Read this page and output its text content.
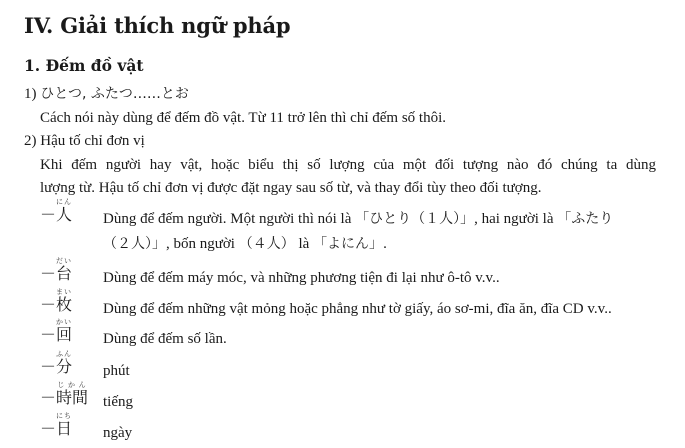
IV. Giải thích ngữ pháp
1. Đếm đồ vật
1) ひとつ, ふたつ……とお
Cách nói này dùng để đếm đồ vật. Từ 11 trở lên thì chỉ đếm số thôi.
2) Hậu tố chỉ đơn vị
Khi đếm người hay vật, hoặc biểu thị số lượng của một đối tượng nào đó chúng ta dùng
lượng từ. Hậu tố chỉ đơn vị được đặt ngay sau số từ, và thay đổi tùy theo đối tượng.
－人にん
Dùng để đếm người. Một người thì nói là 「ひとり（１人）」, hai người là 「ふたり
（２人）」, bốn người （４人） là 「よにん」.
－台だい
Dùng để đếm máy móc, và những phương tiện đi lại như ô-tô v.v..
－枚まい
Dùng để đếm những vật mỏng hoặc phẳng như tờ giấy, áo sơ-mi, đĩa ăn, đĩa CD v.v..
－回かい
Dùng để đếm số lần.
－分ふん
phút
－時間じかん
tiếng
－日にち
ngày
